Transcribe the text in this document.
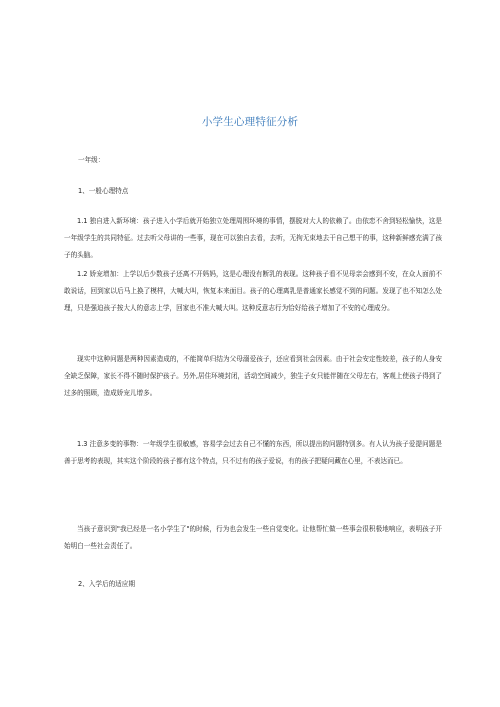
小学生心理特征分析
一年级：
1、一般心理特点
1.1 独自进入新环境：孩子进入小学后就开始独立处理周围环境的事情，摆脱对大人的依赖了。由依恋不舍到轻松愉快，这是一年级学生的共同特征。过去听父母讲的一些事，现在可以独自去看，去听，无拘无束地去干自己想干的事，这种新鲜感充满了孩子的头脑。
1.2 娇宠增加：上学以后少数孩子还离不开妈妈，这是心理没有断乳的表现。这种孩子看不见母亲会感到不安，在众人面前不敢说话，回到家以后马上换了模样，大喊大叫，恢复本来面目。孩子的心理离乳是普通家长感觉不到的问题。发现了也不知怎么处理，只是强迫孩子按大人的意志上学，回家也不准大喊大叫。这种反意志行为恰好给孩子增加了不安的心理成分。
现实中这种问题是两种因素造成的，不能简单归结为父母溺爱孩子，还应看到社会因素。由于社会安定性较差，孩子的人身安全缺乏保障，家长不得不随时保护孩子。另外,居住环境封闭，活动空间减少，独生子女只能伴随在父母左右，客观上使孩子得到了过多的照顾，造成娇宠儿增多。
1.3 注意多变的事物：一年级学生很敏感，容易学会过去自己不懂的东西，所以提出的问题特别多。有人认为孩子爱提问题是善于思考的表现，其实这个阶段的孩子都有这个特点，只不过有的孩子爱说，有的孩子把疑问藏在心里，不表达而已。
当孩子意识到"我已经是一名小学生了"的时候，行为也会发生一些自觉变化。让他帮忙做一些事会很积极地响应，表明孩子开始明白一些社会责任了。
2、入学后的适应期
